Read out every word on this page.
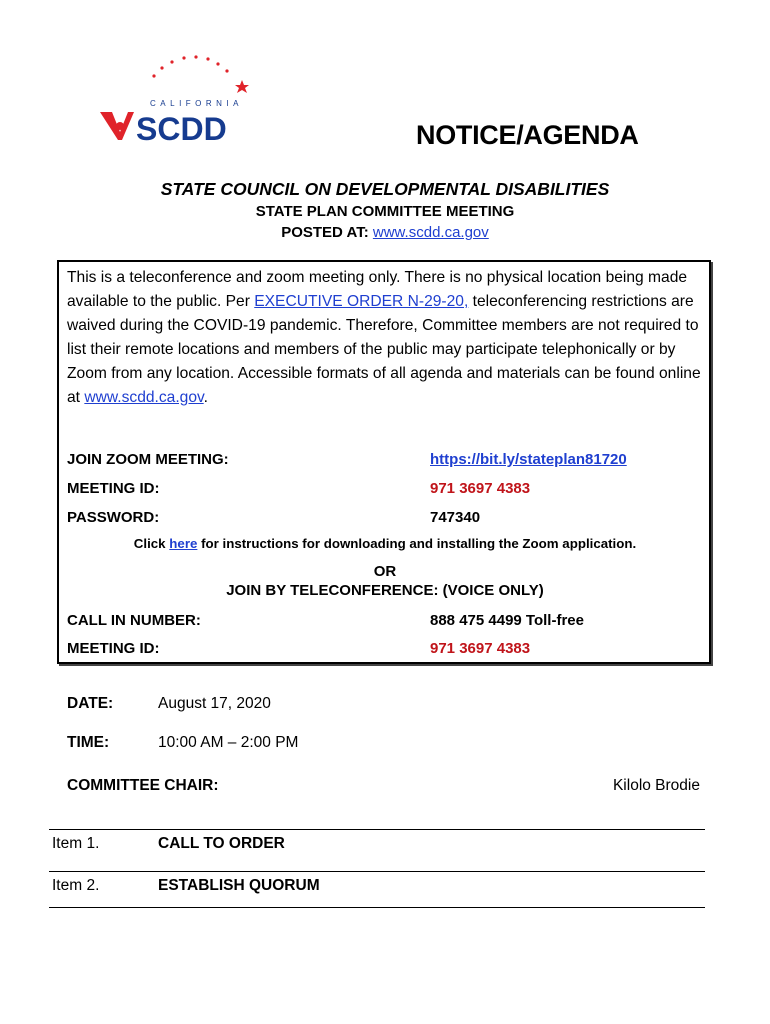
CALIFORNIA
SCDD	NOTICE/AGENDA
STATE COUNCIL ON DEVELOPMENTAL DISABILITIES
STATE PLAN COMMITTEE MEETING
POSTED AT: www.scdd.ca.gov
This is a teleconference and zoom meeting only. There is no physical location being made available to the public. Per EXECUTIVE ORDER N-29-20, teleconferencing restrictions are waived during the COVID-19 pandemic. Therefore, Committee members are not required to list their remote locations and members of the public may participate telephonically or by Zoom from any location. Accessible formats of all agenda and materials can be found online at www.scdd.ca.gov.
JOIN ZOOM MEETING:	https://bit.ly/stateplan81720
MEETING ID:	971 3697 4383
PASSWORD:	747340
Click here for instructions for downloading and installing the Zoom application.
OR
JOIN BY TELECONFERENCE: (VOICE ONLY)
CALL IN NUMBER:	888 475 4499 Toll-free
MEETING ID:	971 3697 4383
DATE:	August 17, 2020
TIME:	10:00 AM – 2:00 PM
COMMITTEE CHAIR:	Kilolo Brodie
Item 1.	CALL TO ORDER
Item 2.	ESTABLISH QUORUM
